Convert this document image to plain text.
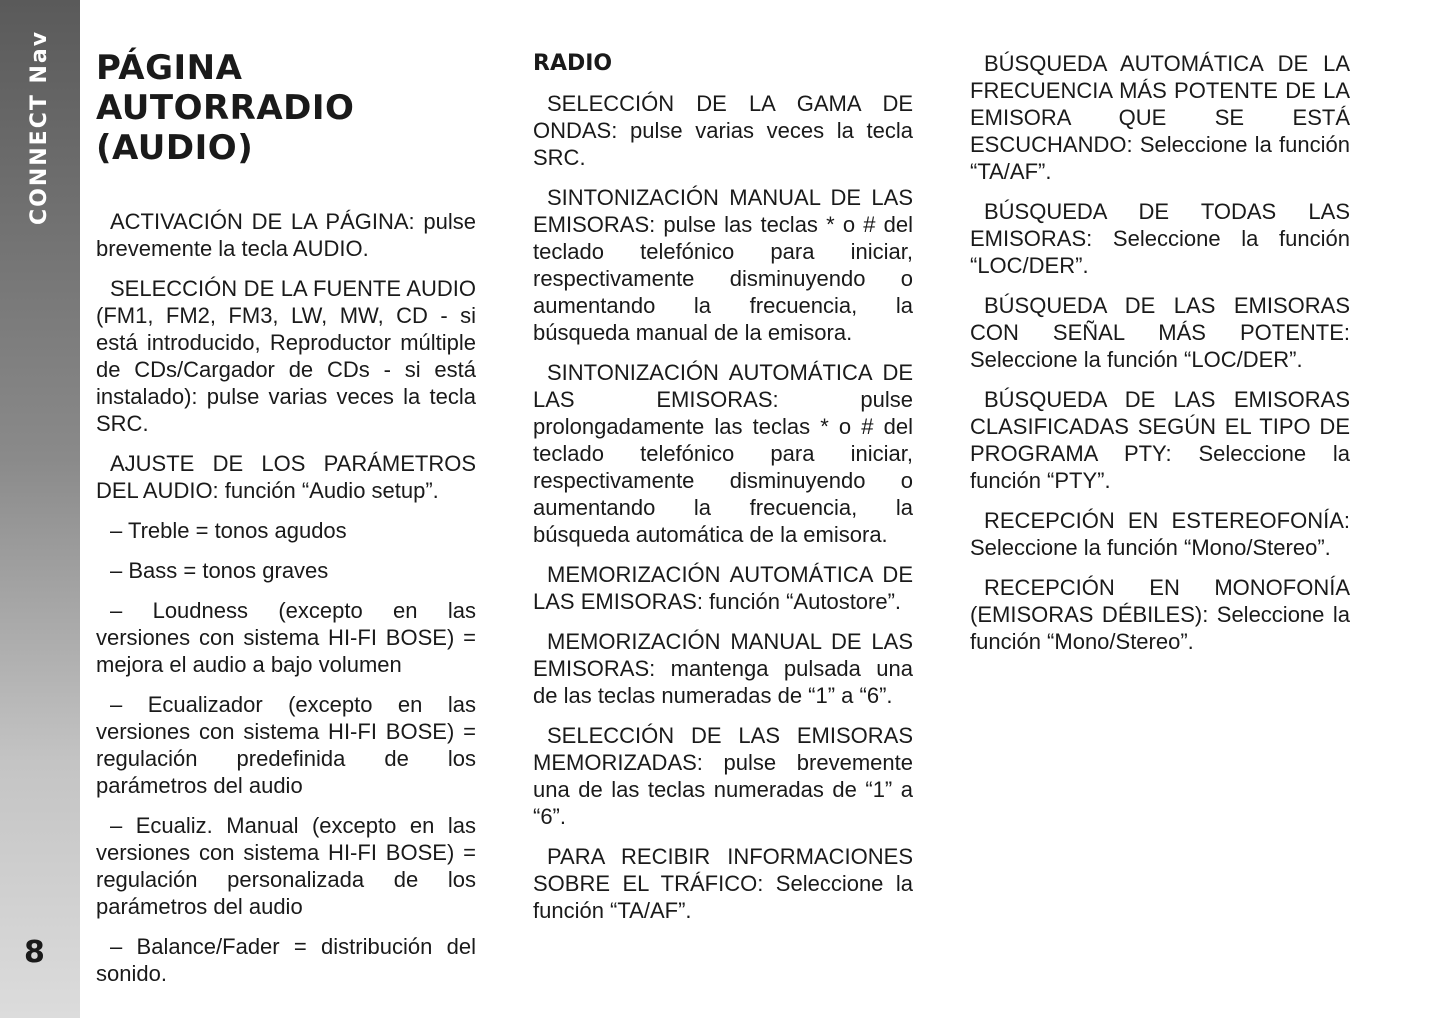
CONNECT Nav
8
PÁGINA
AUTORRADIO
(AUDIO)

ACTIVACIÓN DE LA PÁGINA: pulse brevemente la tecla AUDIO.

SELECCIÓN DE LA FUENTE AUDIO (FM1, FM2, FM3, LW, MW, CD - si está introducido, Reproductor múltiple de CDs/Cargador de CDs - si está instalado): pulse varias veces la tecla SRC.

AJUSTE DE LOS PARÁMETROS DEL AUDIO: función “Audio setup”.

– Treble = tonos agudos

– Bass = tonos graves

– Loudness (excepto en las versiones con sistema HI-FI BOSE) = mejora el audio a bajo volumen

– Ecualizador (excepto en las versiones con sistema HI-FI BOSE) = regulación predefinida de los parámetros del audio

– Ecualiz. Manual (excepto en las versiones con sistema HI-FI BOSE) = regulación personalizada de los parámetros del audio

– Balance/Fader = distribución del sonido.

RADIO

SELECCIÓN DE LA GAMA DE ONDAS: pulse varias veces la tecla SRC.

SINTONIZACIÓN MANUAL DE LAS EMISORAS: pulse las teclas * o # del teclado telefónico para iniciar, respectivamente disminuyendo o aumentando la frecuencia, la búsqueda manual de la emisora.

SINTONIZACIÓN AUTOMÁTICA DE LAS EMISORAS: pulse prolongadamente las teclas * o # del teclado telefónico para iniciar, respectivamente disminuyendo o aumentando la frecuencia, la búsqueda automática de la emisora.

MEMORIZACIÓN AUTOMÁTICA DE LAS EMISORAS: función “Autostore”.

MEMORIZACIÓN MANUAL DE LAS EMISORAS: mantenga pulsada una de las teclas numeradas de “1” a “6”.

SELECCIÓN DE LAS EMISORAS MEMORIZADAS: pulse brevemente una de las teclas numeradas de “1” a “6”.

PARA RECIBIR INFORMACIONES SOBRE EL TRÁFICO: Seleccione la función “TA/AF”.

BÚSQUEDA AUTOMÁTICA DE LA FRECUENCIA MÁS POTENTE DE LA EMISORA QUE SE ESTÁ ESCUCHANDO: Seleccione la función “TA/AF”.

BÚSQUEDA DE TODAS LAS EMISORAS: Seleccione la función “LOC/DER”.

BÚSQUEDA DE LAS EMISORAS CON SEÑAL MÁS POTENTE: Seleccione la función “LOC/DER”.

BÚSQUEDA DE LAS EMISORAS CLASIFICADAS SEGÚN EL TIPO DE PROGRAMA PTY: Seleccione la función “PTY”.

RECEPCIÓN EN ESTEREOFONÍA: Seleccione la función “Mono/Stereo”.

RECEPCIÓN EN MONOFONÍA (EMISORAS DÉBILES): Seleccione la función “Mono/Stereo”.
